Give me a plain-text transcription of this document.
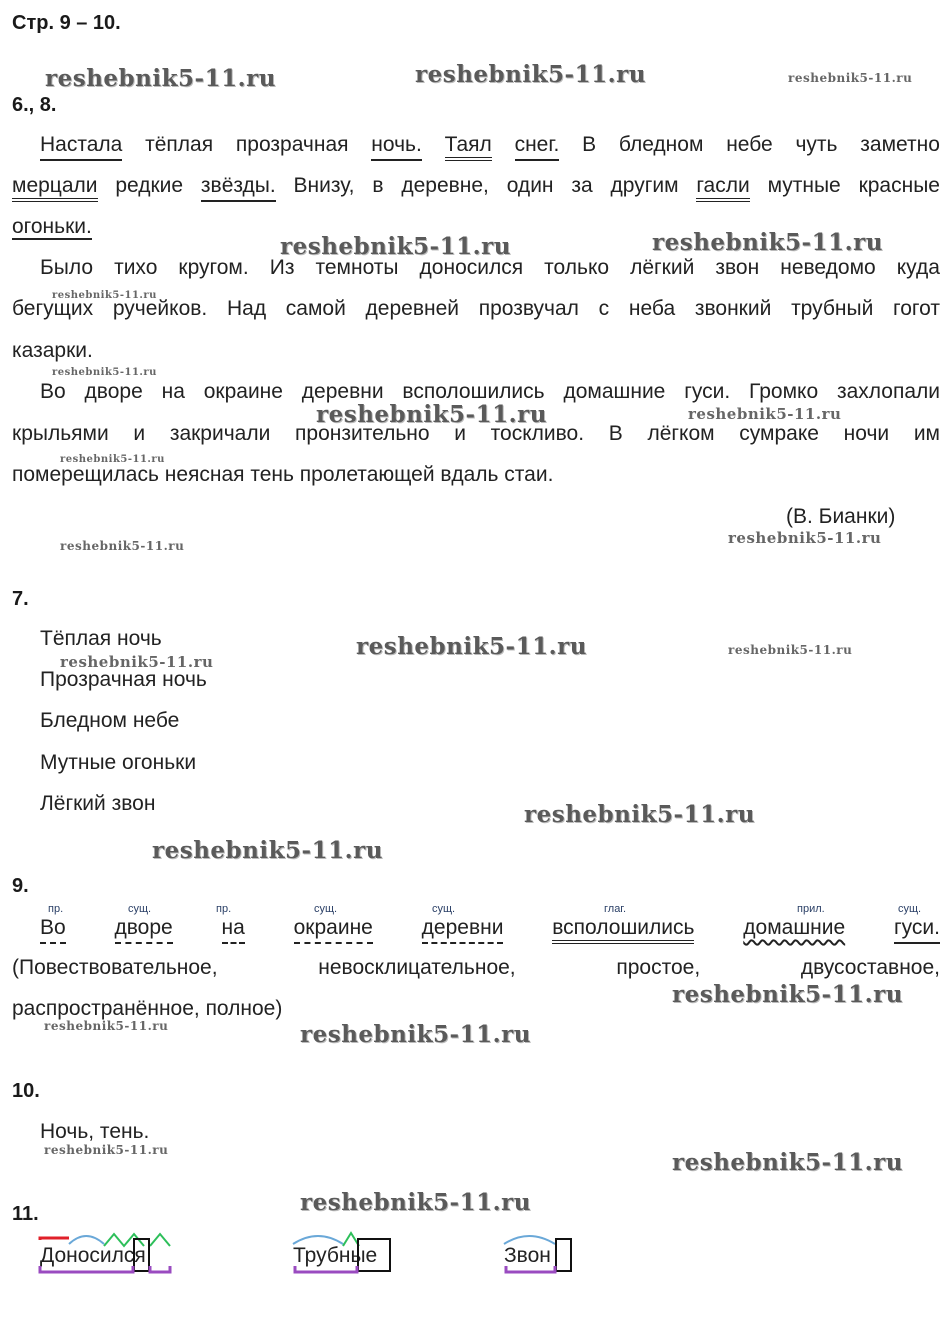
Стр. 9 – 10.
reshebnik5-11.ru	reshebnik5-11.ru	reshebnik5-11.ru
reshebnik5-11.ru	reshebnik5-11.ru
reshebnik5-11.ru
reshebnik5-11.ru
reshebnik5-11.ru	reshebnik5-11.ru
reshebnik5-11.ru
reshebnik5-11.ru
reshebnik5-11.ru
reshebnik5-11.ru	reshebnik5-11.ru
reshebnik5-11.ru
reshebnik5-11.ru
reshebnik5-11.ru
reshebnik5-11.ru
reshebnik5-11.ru	reshebnik5-11.ru
reshebnik5-11.ru	reshebnik5-11.ru
reshebnik5-11.ru
6., 8.
Настала тёплая прозрачная ночь. Таял снег. В бледном небе чуть заметно
мерцали редкие звёзды. Внизу, в деревне, один за другим гасли мутные красные
огоньки.
Было тихо кругом. Из темноты доносился только лёгкий звон неведомо куда
бегущих ручейков. Над самой деревней прозвучал с неба звонкий трубный гогот
казарки.
Во дворе на окраине деревни всполошились домашние гуси. Громко захлопали
крыльями и закричали пронзительно и тоскливо. В лёгком сумраке ночи им
померещилась неясная тень пролетающей вдаль стаи.
(В. Бианки)
7.
Тёплая ночь
Прозрачная ночь
Бледном небе
Мутные огоньки
Лёгкий звон
9.
пр.	сущ.	пр.	сущ.	сущ.	глаг.	прил.	сущ.
Во дворе на окраине деревни всполошились домашние гуси.
(Повествовательное,	невосклицательное,	простое,	двусоставное,
распространённое, полное)
10.
Ночь, тень.
11.
Доносился	Трубные	Звон
